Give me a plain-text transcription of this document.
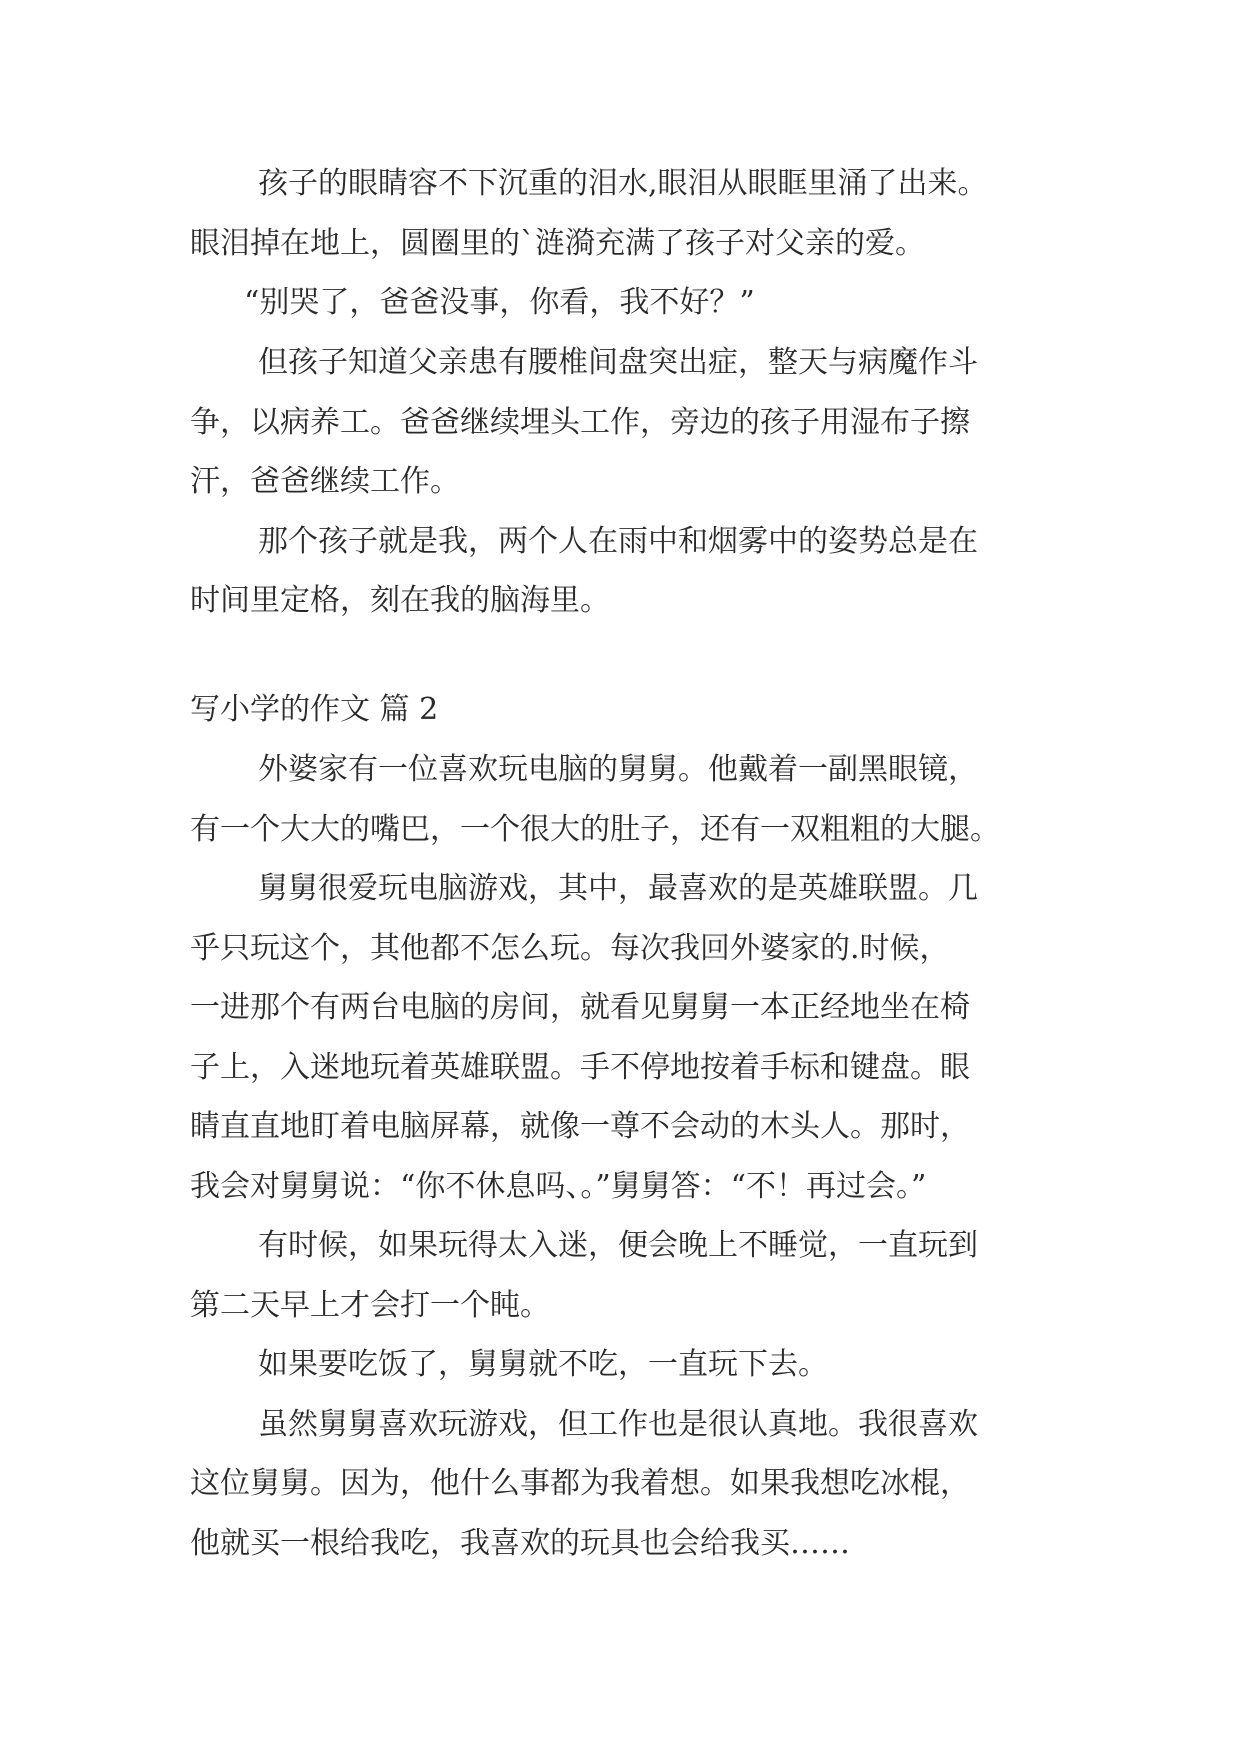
孩子的眼睛容不下沉重的泪水,眼泪从眼眶里涌了出来。

眼泪掉在地上，圆圈里的`涟漪充满了孩子对父亲的爱。

“别哭了，爸爸没事，你看，我不好？”

但孩子知道父亲患有腰椎间盘突出症，整天与病魔作斗

争，以病养工。爸爸继续埋头工作，旁边的孩子用湿布子擦

汗，爸爸继续工作。

那个孩子就是我，两个人在雨中和烟雾中的姿势总是在

时间里定格，刻在我的脑海里。

写小学的作文 篇 2

外婆家有一位喜欢玩电脑的舅舅。他戴着一副黑眼镜，

有一个大大的嘴巴，一个很大的肚子，还有一双粗粗的大腿。

舅舅很爱玩电脑游戏，其中，最喜欢的是英雄联盟。几

乎只玩这个，其他都不怎么玩。每次我回外婆家的.时候，

一进那个有两台电脑的房间，就看见舅舅一本正经地坐在椅

子上，入迷地玩着英雄联盟。手不停地按着手标和键盘。眼

睛直直地盯着电脑屏幕，就像一尊不会动的木头人。那时，

我会对舅舅说：“你不休息吗、。”舅舅答：“不！再过会。”

有时候，如果玩得太入迷，便会晚上不睡觉，一直玩到

第二天早上才会打一个盹。

如果要吃饭了，舅舅就不吃，一直玩下去。

虽然舅舅喜欢玩游戏，但工作也是很认真地。我很喜欢

这位舅舅。因为，他什么事都为我着想。如果我想吃冰棍，

他就买一根给我吃，我喜欢的玩具也会给我买……
